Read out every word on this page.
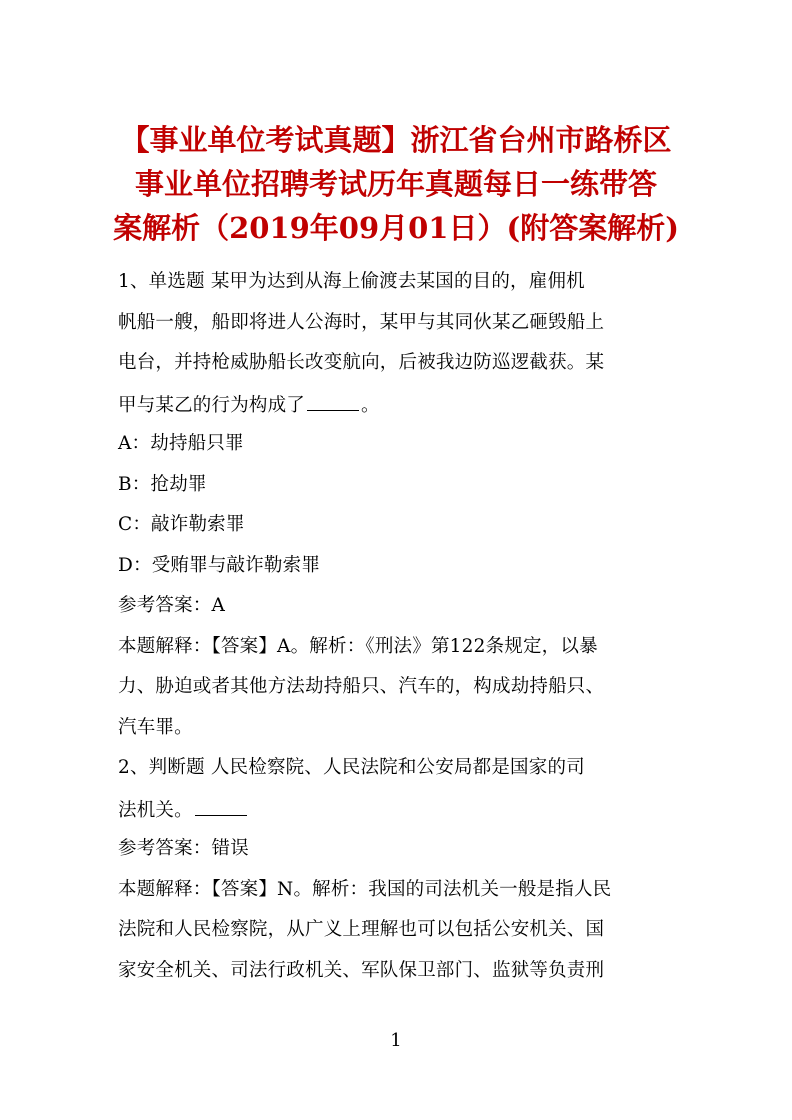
【事业单位考试真题】浙江省台州市路桥区
事业单位招聘考试历年真题每日一练带答
案解析（2019年09月01日）(附答案解析)
1、单选题 某甲为达到从海上偷渡去某国的目的，雇佣机
帆船一艘，船即将进人公海时，某甲与其同伙某乙砸毁船上
电台，并持枪威胁船长改变航向，后被我边防巡逻截获。某
甲与某乙的行为构成了	。
A：劫持船只罪
B：抢劫罪
C：敲诈勒索罪
D：受贿罪与敲诈勒索罪
参考答案：A
本题解释：【答案】A。解析：《刑法》第122条规定，以暴
力、胁迫或者其他方法劫持船只、汽车的，构成劫持船只、
汽车罪。
2、判断题 人民检察院、人民法院和公安局都是国家的司
法机关。
参考答案：错误
本题解释：【答案】N。解析：我国的司法机关一般是指人民
法院和人民检察院，从广义上理解也可以包括公安机关、国
家安全机关、司法行政机关、军队保卫部门、监狱等负责刑
1
